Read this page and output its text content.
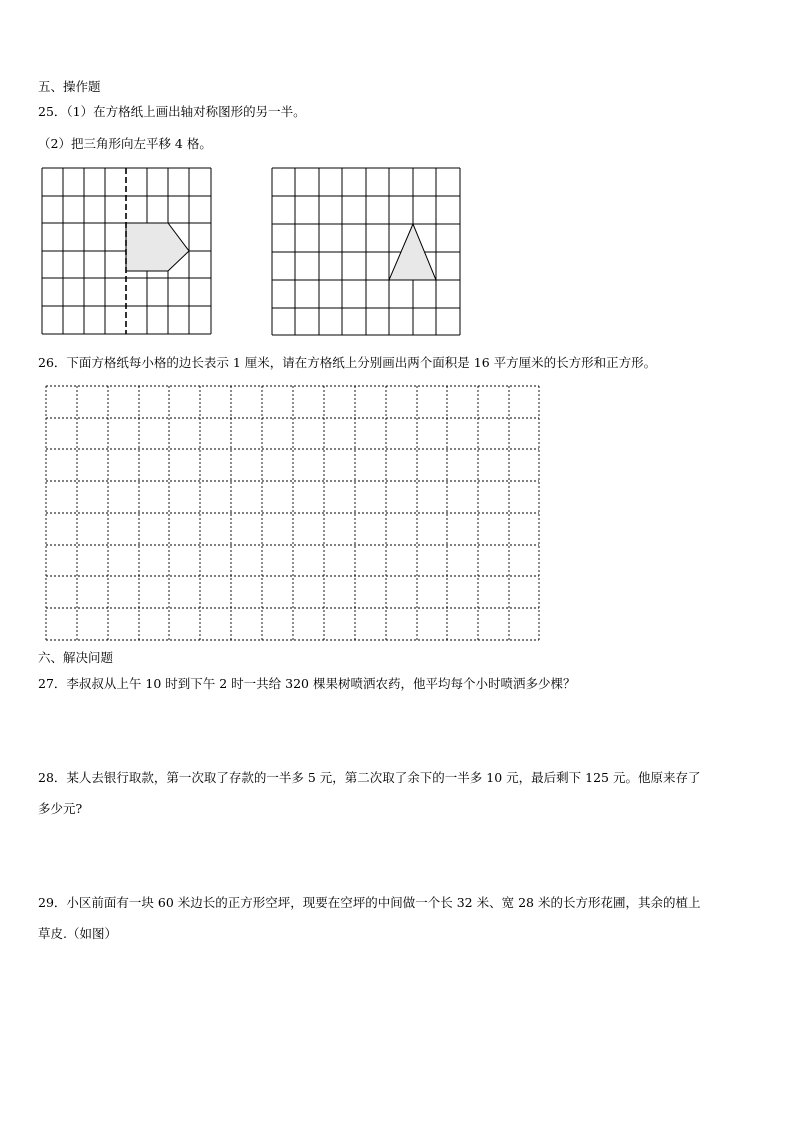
五、操作题
25．（1）在方格纸上画出轴对称图形的另一半。
（2）把三角形向左平移 4 格。
26．下面方格纸每小格的边长表示 1 厘米，请在方格纸上分别画出两个面积是 16 平方厘米的长方形和正方形。
六、解决问题
27．李叔叔从上午 10 时到下午 2 时一共给 320 棵果树喷洒农药，他平均每个小时喷洒多少棵？
28．某人去银行取款，第一次取了存款的一半多 5 元，第二次取了余下的一半多 10 元，最后剩下 125 元。他原来存了
多少元?
29．小区前面有一块 60 米边长的正方形空坪，现要在空坪的中间做一个长 32 米、宽 28 米的长方形花圃，其余的植上
草皮.（如图）
